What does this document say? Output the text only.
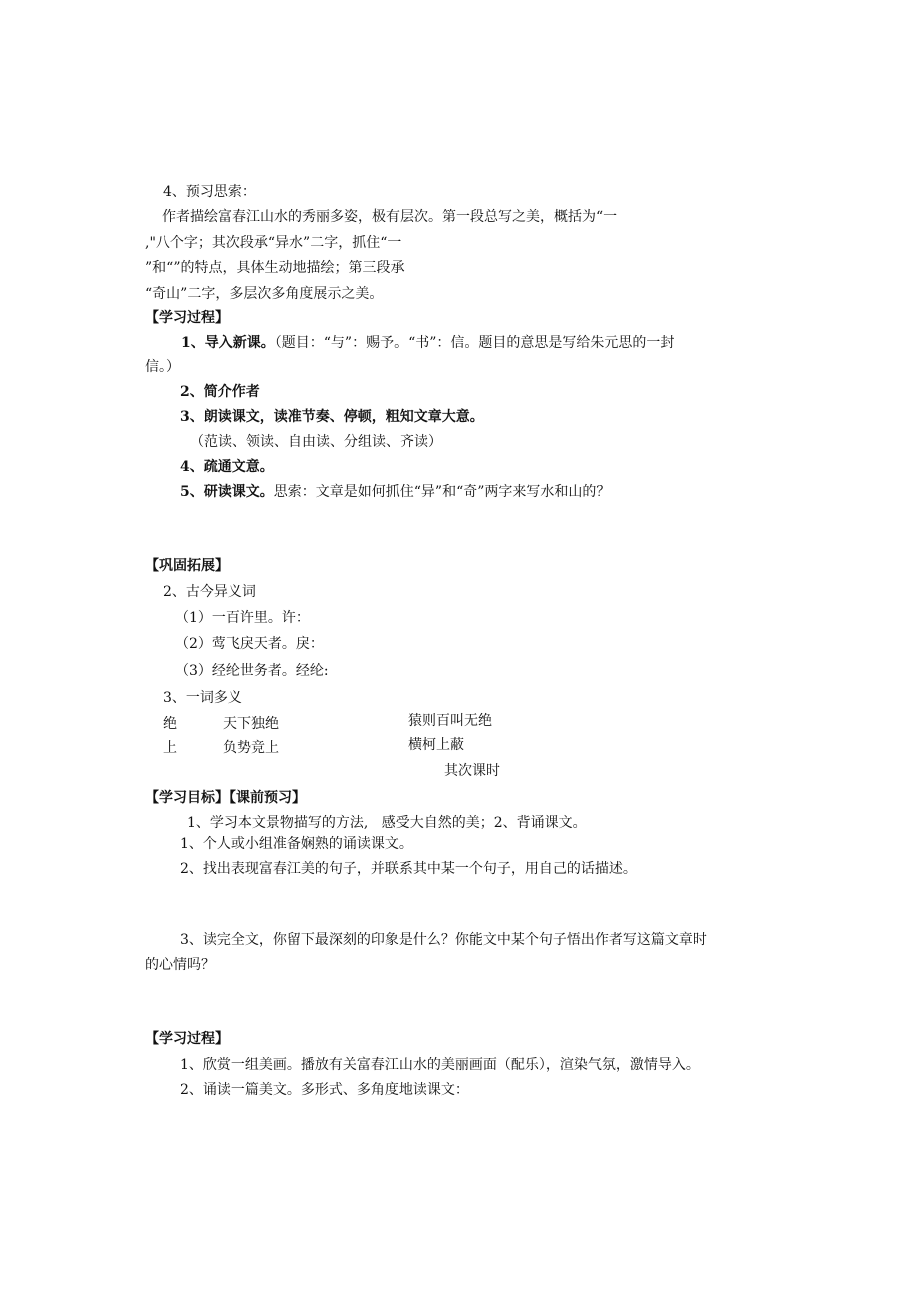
4、预习思索：
作者描绘富春江山水的秀丽多姿，极有层次。第一段总写之美，概括为“一
,"八个字；其次段承“异水”二字，抓住“一
”和“”的特点，具体生动地描绘；第三段承
“奇山”二字，多层次多角度展示之美。
【学习过程】
1、导入新课。（题目：“与”：赐予。“书”：信。题目的意思是写给朱元思的一封
信。）
2、简介作者
3、朗读课文，读准节奏、停顿，粗知文章大意。
（范读、领读、自由读、分组读、齐读）
4、疏通文意。
5、研读课文。思索：文章是如何抓住“异”和“奇”两字来写水和山的？
【巩固拓展】
2、古今异义词
（1）一百许里。许：
（2）莺飞戾天者。戾：
（3）经纶世务者。经纶:
3、一词多义
绝	天下独绝	猿则百叫无绝
上	负势竞上	横柯上蔽
其次课时
【学习目标】【课前预习】
1、学习本文景物描写的方法,   感受大自然的美；2、背诵课文。
1、个人或小组准备娴熟的诵读课文。
2、找出表现富春江美的句子，并联系其中某一个句子，用自己的话描述。
3、读完全文，你留下最深刻的印象是什么？你能文中某个句子悟出作者写这篇文章时
的心情吗？
【学习过程】
1、欣赏一组美画。播放有关富春江山水的美丽画面（配乐），渲染气氛，激情导入。
2、诵读一篇美文。多形式、多角度地读课文：
